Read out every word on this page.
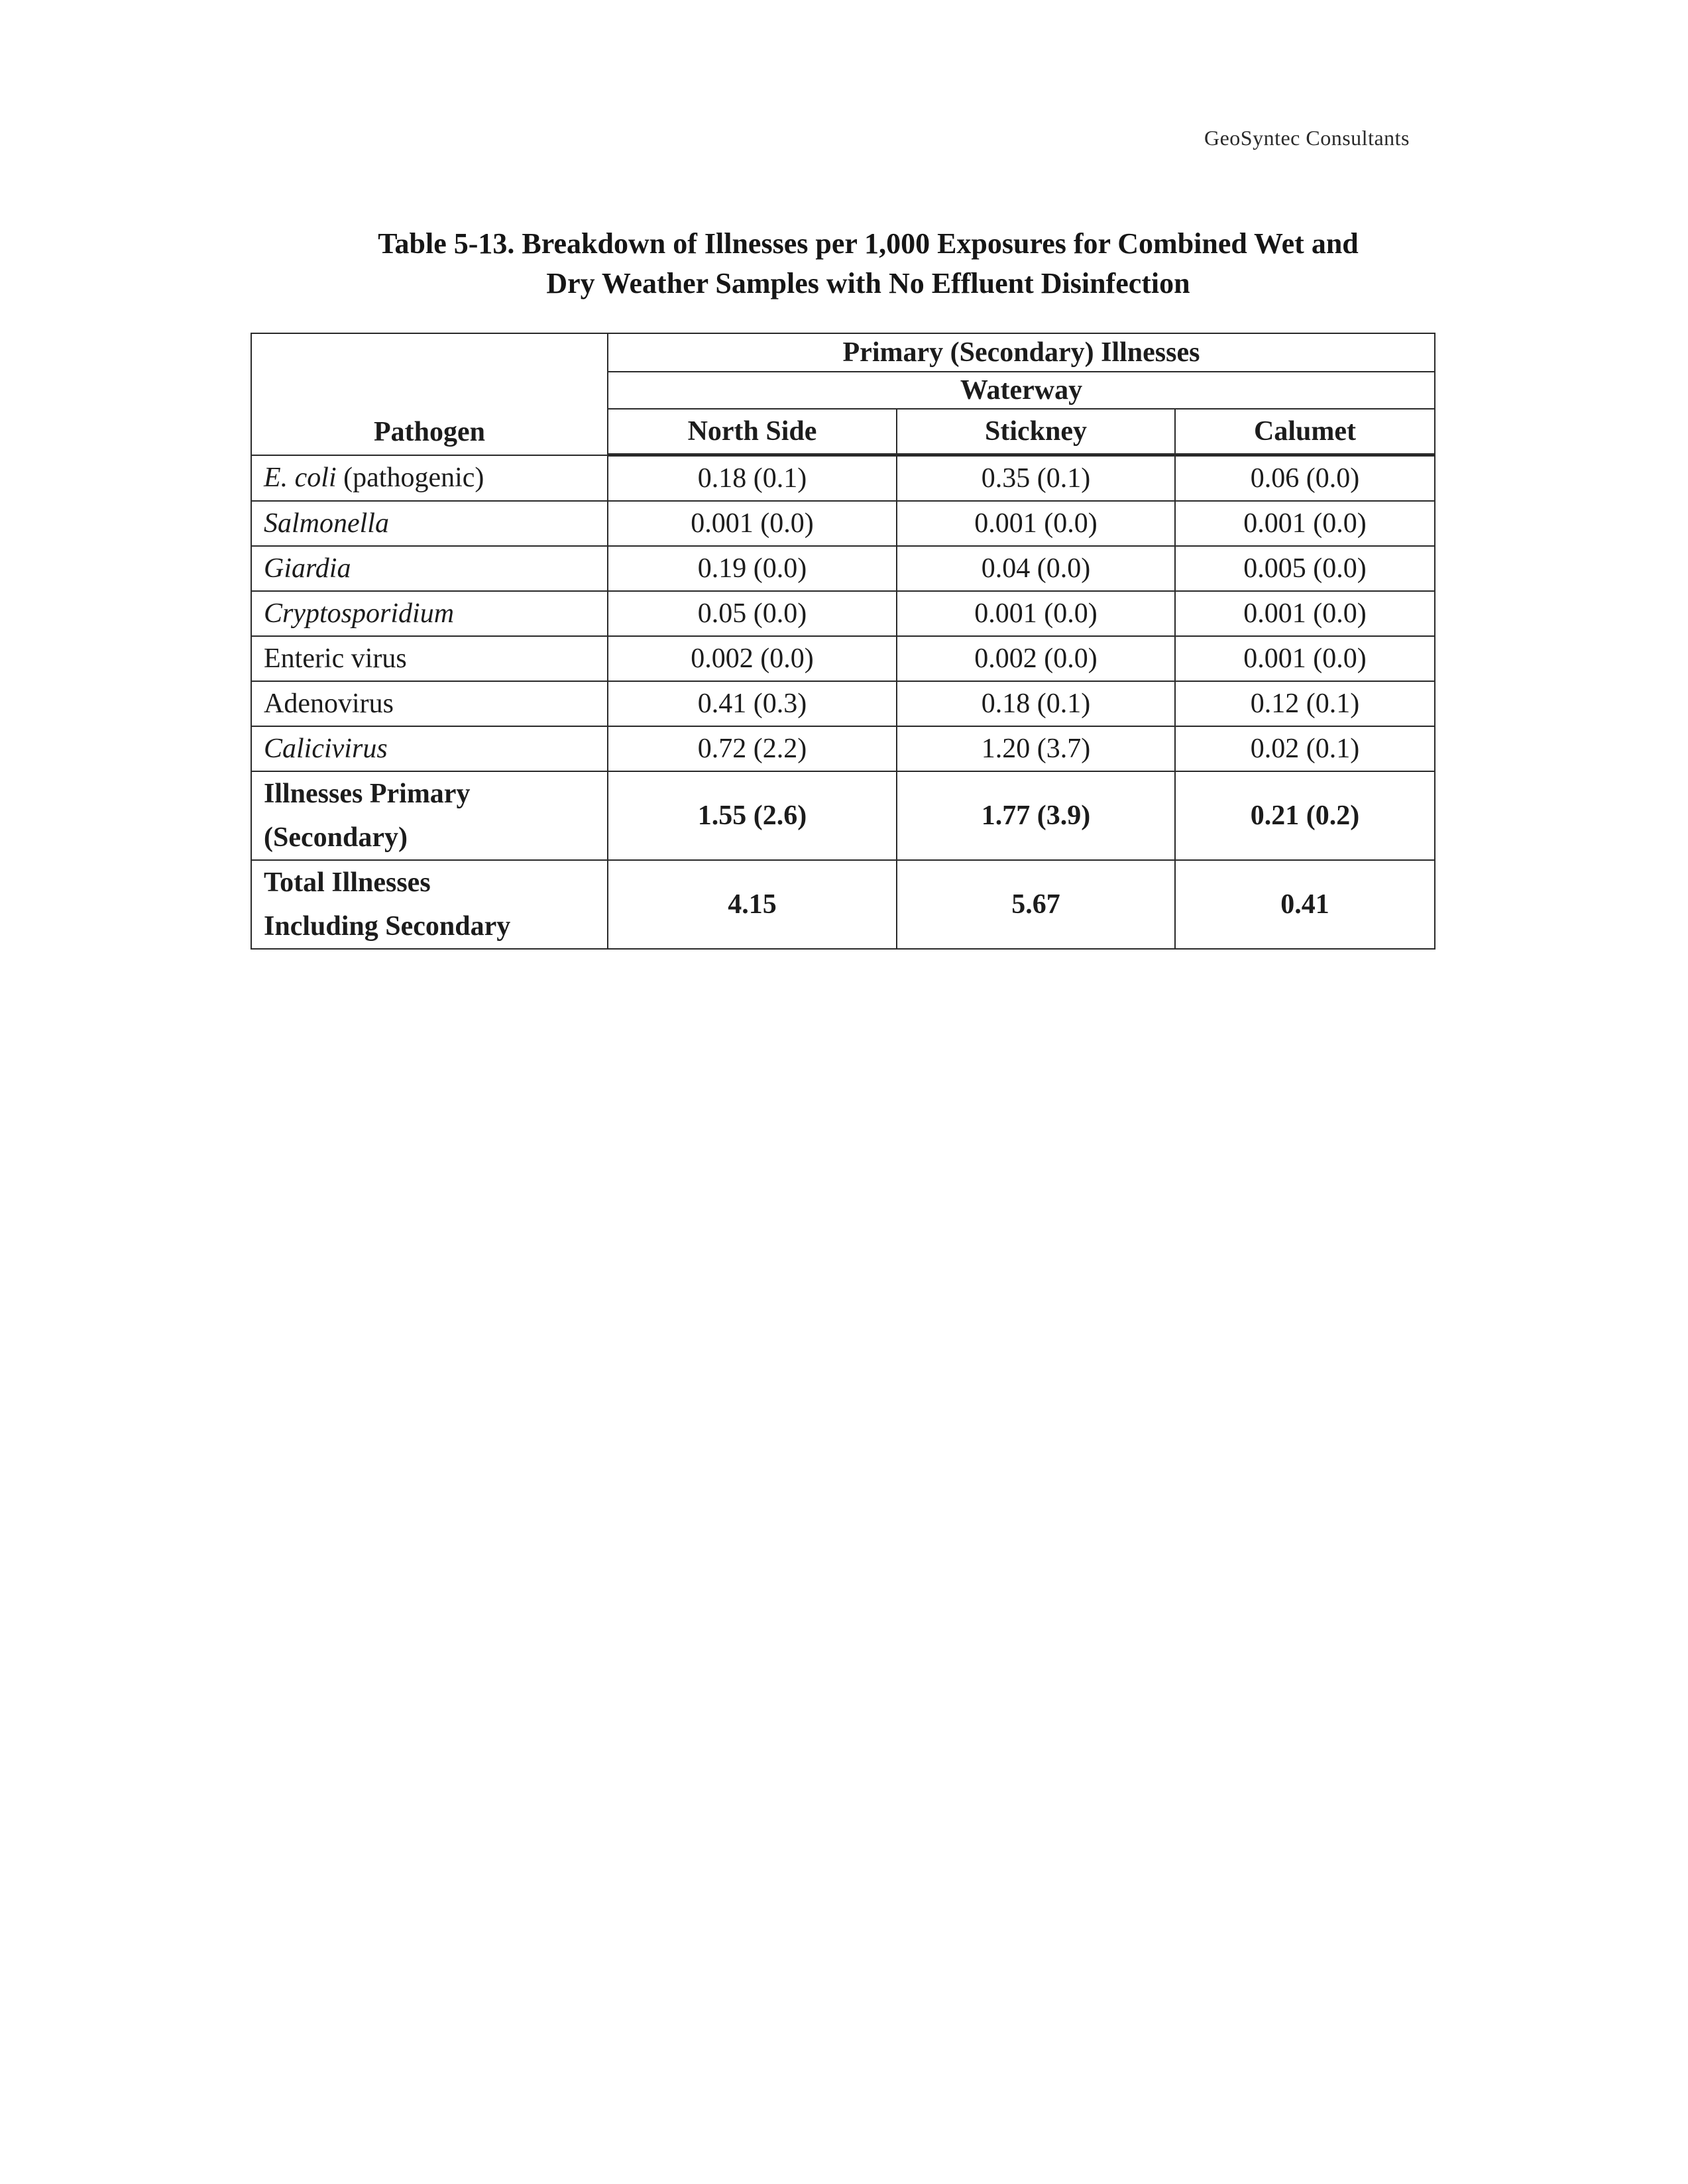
GeoSyntec Consultants
Table 5-13. Breakdown of Illnesses per 1,000 Exposures for Combined Wet and
Dry Weather Samples with No Effluent Disinfection
Pathogen	Primary (Secondary) Illnesses		
	Waterway		
	North Side	Stickney	Calumet
E. coli (pathogenic)	0.18 (0.1)	0.35 (0.1)	0.06 (0.0)
Salmonella	0.001 (0.0)	0.001 (0.0)	0.001 (0.0)
Giardia	0.19 (0.0)	0.04 (0.0)	0.005 (0.0)
Cryptosporidium	0.05 (0.0)	0.001 (0.0)	0.001 (0.0)
Enteric virus	0.002 (0.0)	0.002 (0.0)	0.001 (0.0)
Adenovirus	0.41 (0.3)	0.18 (0.1)	0.12 (0.1)
Calicivirus	0.72 (2.2)	1.20 (3.7)	0.02 (0.1)
Illnesses Primary
(Secondary)	1.55 (2.6)	1.77 (3.9)	0.21 (0.2)
Total Illnesses
Including Secondary	4.15	5.67	0.41
